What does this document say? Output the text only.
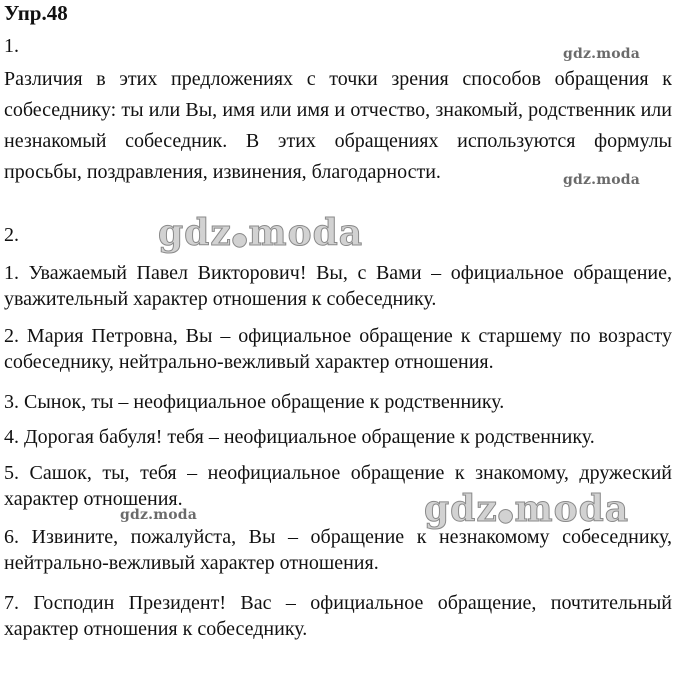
Упр.48
1.
Различия в этих предложениях с точки зрения способов обращения к собеседнику: ты или Вы, имя или имя и отчество, знакомый, родственник или незнакомый собеседник. В этих обращениях используются формулы просьбы, поздравления, извинения, благодарности.
2.
1. Уважаемый Павел Викторович! Вы, с Вами – официальное обращение, уважительный характер отношения к собеседнику.
2. Мария Петровна, Вы – официальное обращение к старшему по возрасту собеседнику, нейтрально-вежливый характер отношения.
3. Сынок, ты – неофициальное обращение к родственнику.
4. Дорогая бабуля! тебя – неофициальное обращение к родственнику.
5. Сашок, ты, тебя – неофициальное обращение к знакомому, дружеский характер отношения.
6. Извините, пожалуйста, Вы – обращение к незнакомому собеседнику, нейтрально-вежливый характер отношения.
7. Господин Президент! Вас – официальное обращение, почтительный характер отношения к собеседнику.
gdz.moda
gdz.moda
gdz.moda
gdz●moda
gdz●moda
